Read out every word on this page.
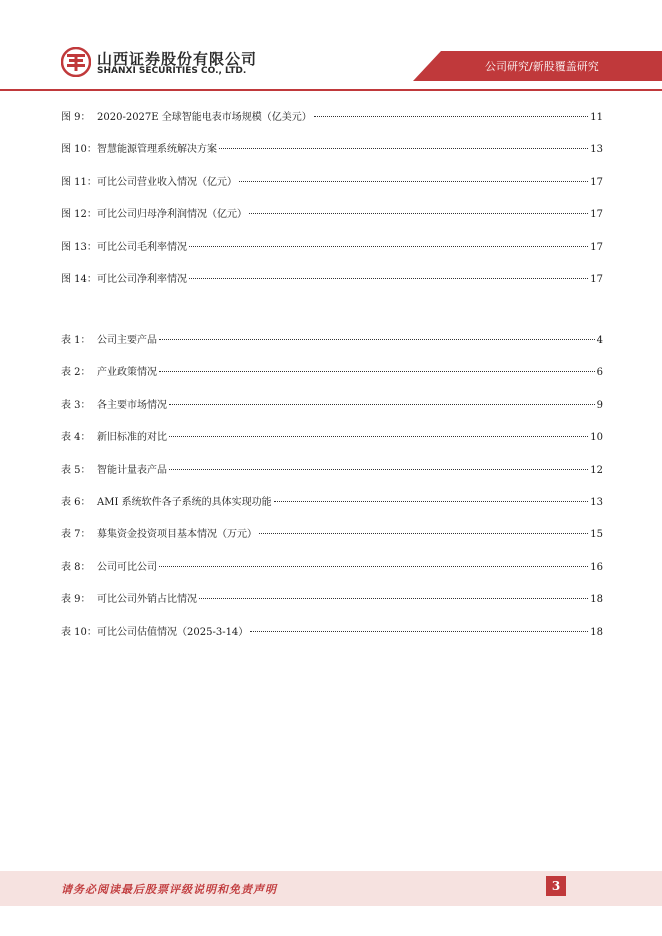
山西证券股份有限公司
SHANXI SECURITIES CO., LTD.	公司研究/新股覆盖研究
图 9： 2020-2027E 全球智能电表市场规模（亿美元）	11
图 10： 智慧能源管理系统解决方案	13
图 11： 可比公司营业收入情况（亿元）	17
图 12： 可比公司归母净利润情况（亿元）	17
图 13： 可比公司毛利率情况	17
图 14： 可比公司净利率情况	17
表 1： 公司主要产品	4
表 2： 产业政策情况	6
表 3： 各主要市场情况	9
表 4： 新旧标准的对比	10
表 5： 智能计量表产品	12
表 6： AMI 系统软件各子系统的具体实现功能	13
表 7： 募集资金投资项目基本情况（万元）	15
表 8： 公司可比公司	16
表 9： 可比公司外销占比情况	18
表 10： 可比公司估值情况（2025-3-14）	18
请务必阅读最后股票评级说明和免责声明	3
